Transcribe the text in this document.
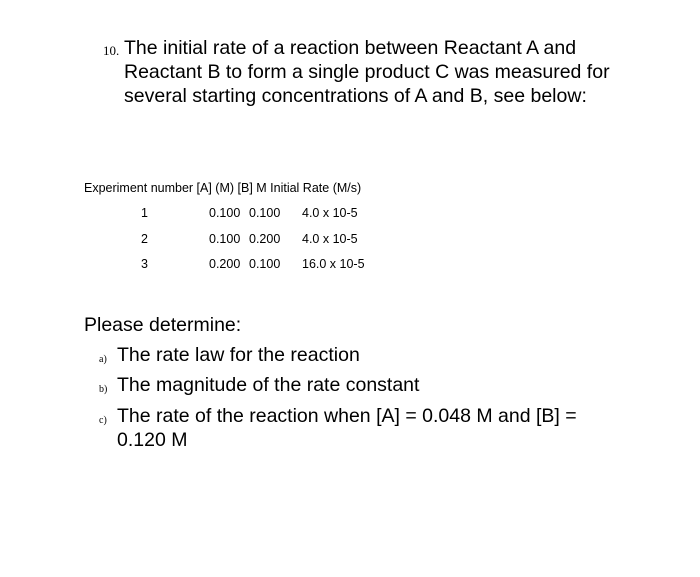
10. The initial rate of a reaction between Reactant A and Reactant B to form a single product C was measured for several starting concentrations of A and B, see below:
Experiment number [A] (M) [B] M Initial Rate (M/s)
1	0.100 0.100 4.0 x 10-5
2	0.100 0.200 4.0 x 10-5
3	0.200 0.100 16.0 x 10-5
Please determine:
a) The rate law for the reaction
b) The magnitude of the rate constant
c) The rate of the reaction when [A] = 0.048 M and [B] = 0.120 M
